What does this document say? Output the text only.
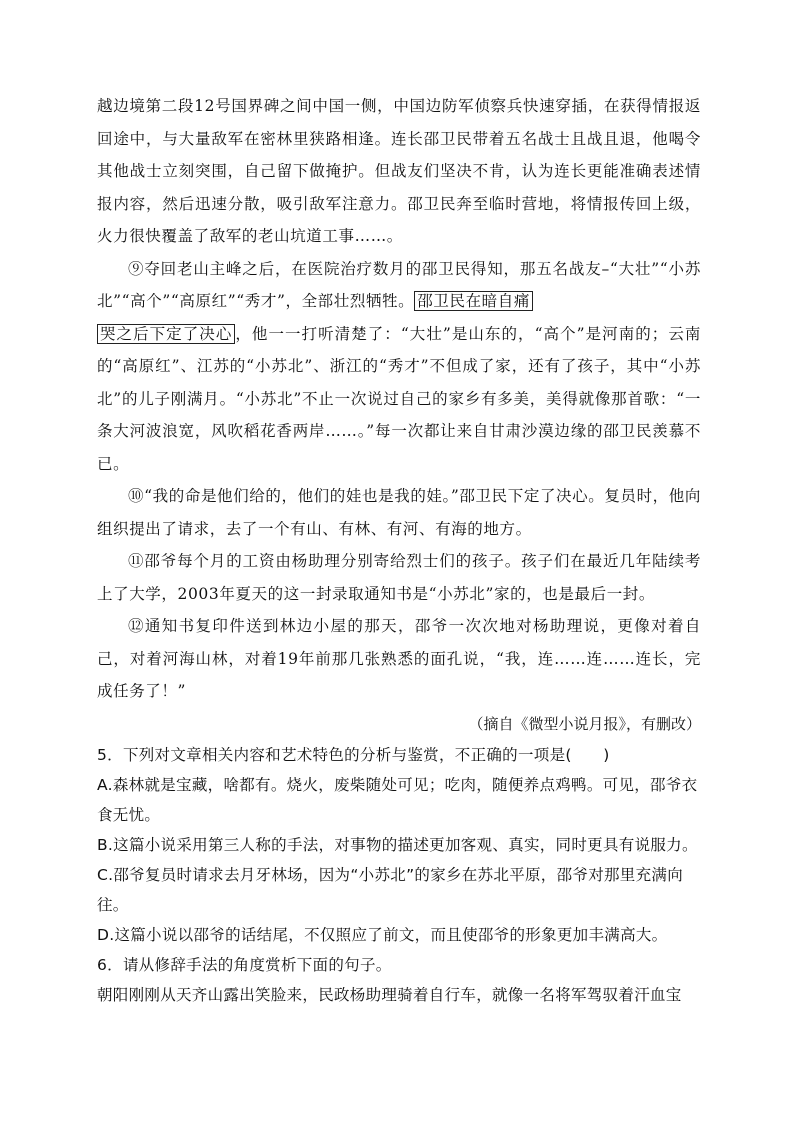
越边境第二段12号国界碑之间中国一侧，中国边防军侦察兵快速穿插，在获得情报返回途中，与大量敌军在密林里狭路相逢。连长邵卫民带着五名战士且战且退，他喝令其他战士立刻突围，自己留下做掩护。但战友们坚决不肯，认为连长更能准确表述情报内容，然后迅速分散，吸引敌军注意力。邵卫民奔至临时营地，将情报传回上级，火力很快覆盖了敌军的老山坑道工事……。

⑨夺回老山主峰之后，在医院治疗数月的邵卫民得知，那五名战友–“大壮”“小苏北”“高个”“高原红”“秀才”，全部壮烈牺牲。 邵卫民在暗自痛
哭之后下定了决心 ，他一一打听清楚了：“大壮”是山东的，“高个”是河南的；云南的“高原红”、江苏的“小苏北”、浙江的“秀才”不但成了家，还有了孩子，其中“小苏北”的儿子刚满月。“小苏北”不止一次说过自己的家乡有多美，美得就像那首歌：“一条大河波浪宽，风吹稻花香两岸……。”每一次都让来自甘肃沙漠边缘的邵卫民羡慕不已。

⑩“我的命是他们给的，他们的娃也是我的娃。”邵卫民下定了决心。复员时，他向组织提出了请求，去了一个有山、有林、有河、有海的地方。

⑪邵爷每个月的工资由杨助理分别寄给烈士们的孩子。孩子们在最近几年陆续考上了大学，2003年夏天的这一封录取通知书是“小苏北”家的，也是最后一封。

⑫通知书复印件送到林边小屋的那天，邵爷一次次地对杨助理说，更像对着自己，对着河海山林，对着19年前那几张熟悉的面孔说，“我，连……连……连长，完成任务了！”

（摘自《微型小说月报》，有删改）

5．下列对文章相关内容和艺术特色的分析与鉴赏，不正确的一项是(　　)

A.森林就是宝藏，啥都有。烧火，废柴随处可见；吃肉，随便养点鸡鸭。可见，邵爷衣食无忧。

B.这篇小说采用第三人称的手法，对事物的描述更加客观、真实，同时更具有说服力。

C.邵爷复员时请求去月牙林场，因为“小苏北”的家乡在苏北平原，邵爷对那里充满向往。

D.这篇小说以邵爷的话结尾，不仅照应了前文，而且使邵爷的形象更加丰满高大。

6．请从修辞手法的角度赏析下面的句子。

朝阳刚刚从天齐山露出笑脸来，民政杨助理骑着自行车，就像一名将军驾驭着汗血宝
